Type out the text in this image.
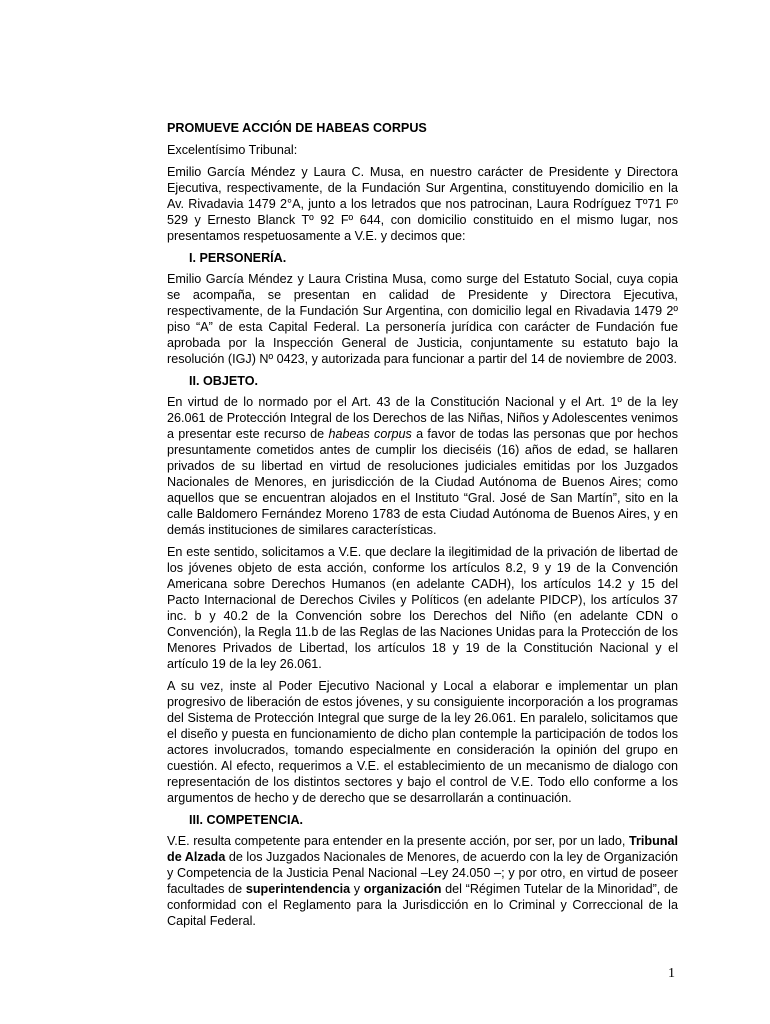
PROMUEVE ACCIÓN DE HABEAS CORPUS

Excelentísimo Tribunal:

Emilio García Méndez y Laura C. Musa, en nuestro carácter de Presidente y Directora Ejecutiva, respectivamente, de la Fundación Sur Argentina, constituyendo domicilio en la Av. Rivadavia 1479 2°A, junto a los letrados que nos patrocinan, Laura Rodríguez Tº71 Fº 529 y Ernesto Blanck Tº 92 Fº 644, con domicilio constituido en el mismo lugar, nos presentamos respetuosamente a V.E. y decimos que:

I. PERSONERÍA.

Emilio García Méndez y Laura Cristina Musa, como surge del Estatuto Social, cuya copia se acompaña, se presentan en calidad de Presidente y Directora Ejecutiva, respectivamente, de la Fundación Sur Argentina, con domicilio legal en Rivadavia 1479 2º piso “A” de esta Capital Federal. La personería jurídica con carácter de Fundación fue aprobada por la Inspección General de Justicia, conjuntamente su estatuto bajo la resolución (IGJ) Nº 0423, y autorizada para funcionar a partir del 14 de noviembre de 2003.

II. OBJETO.

En virtud de lo normado por el Art. 43 de la Constitución Nacional y el Art. 1º de la ley 26.061 de Protección Integral de los Derechos de las Niñas, Niños y Adolescentes venimos a presentar este recurso de habeas corpus a favor de todas las personas que por hechos presuntamente cometidos antes de cumplir los dieciséis (16) años de edad, se hallaren privados de su libertad en virtud de resoluciones judiciales emitidas por los Juzgados Nacionales de Menores, en jurisdicción de la Ciudad Autónoma de Buenos Aires; como aquellos que se encuentran alojados en el Instituto “Gral. José de San Martín”, sito en la calle Baldomero Fernández Moreno 1783 de esta Ciudad Autónoma de Buenos Aires, y en demás instituciones de similares características.

En este sentido, solicitamos a V.E. que declare la ilegitimidad de la privación de libertad de los jóvenes objeto de esta acción, conforme los artículos 8.2, 9 y 19 de la Convención Americana sobre Derechos Humanos (en adelante CADH), los artículos 14.2 y 15 del Pacto Internacional de Derechos Civiles y Políticos (en adelante PIDCP), los artículos 37 inc. b y 40.2 de la Convención sobre los Derechos del Niño (en adelante CDN o Convención), la Regla 11.b de las Reglas de las Naciones Unidas para la Protección de los Menores Privados de Libertad, los artículos 18 y 19 de la Constitución Nacional y el artículo 19 de la ley 26.061.

A su vez, inste al Poder Ejecutivo Nacional y Local a elaborar e implementar un plan progresivo de liberación de estos jóvenes, y su consiguiente incorporación a los programas del Sistema de Protección Integral que surge de la ley 26.061. En paralelo, solicitamos que el diseño y puesta en funcionamiento de dicho plan contemple la participación de todos los actores involucrados, tomando especialmente en consideración la opinión del grupo en cuestión. Al efecto, requerimos a V.E. el establecimiento de un mecanismo de dialogo con representación de los distintos sectores y bajo el control de V.E. Todo ello conforme a los argumentos de hecho y de derecho que se desarrollarán a continuación.

III. COMPETENCIA.

V.E. resulta competente para entender en la presente acción, por ser, por un lado, Tribunal de Alzada de los Juzgados Nacionales de Menores, de acuerdo con la ley de Organización y Competencia de la Justicia Penal Nacional –Ley 24.050 –; y por otro, en virtud de poseer facultades de superintendencia y organización del “Régimen Tutelar de la Minoridad”, de conformidad con el Reglamento para la Jurisdicción en lo Criminal y Correccional de la Capital Federal.

1
